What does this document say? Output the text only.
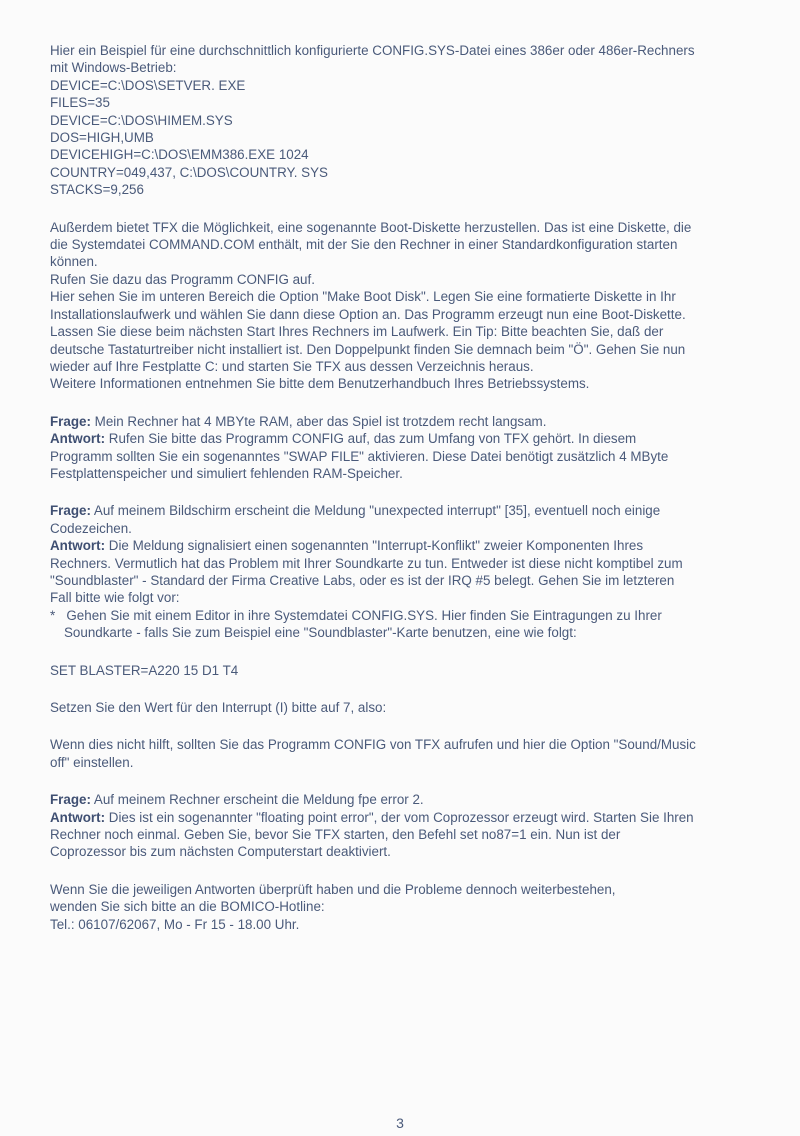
Hier ein Beispiel für eine durchschnittlich konfigurierte CONFIG.SYS-Datei eines 386er oder 486er-Rechners
mit Windows-Betrieb:
DEVICE=C:\DOS\SETVER. EXE
FILES=35
DEVICE=C:\DOS\HIMEM.SYS
DOS=HIGH,UMB
DEVICEHIGH=C:\DOS\EMM386.EXE 1024
COUNTRY=049,437, C:\DOS\COUNTRY. SYS
STACKS=9,256
Außerdem bietet TFX die Möglichkeit, eine sogenannte Boot-Diskette herzustellen. Das ist eine Diskette, die
die Systemdatei COMMAND.COM enthält, mit der Sie den Rechner in einer Standardkonfiguration starten
können.
Rufen Sie dazu das Programm CONFIG auf.
Hier sehen Sie im unteren Bereich die Option "Make Boot Disk". Legen Sie eine formatierte Diskette in Ihr
Installationslaufwerk und wählen Sie dann diese Option an. Das Programm erzeugt nun eine Boot-Diskette.
Lassen Sie diese beim nächsten Start Ihres Rechners im Laufwerk. Ein Tip: Bitte beachten Sie, daß der
deutsche Tastaturtreiber nicht installiert ist. Den Doppelpunkt finden Sie demnach beim "Ö". Gehen Sie nun
wieder auf Ihre Festplatte C: und starten Sie TFX aus dessen Verzeichnis heraus.
Weitere Informationen entnehmen Sie bitte dem Benutzerhandbuch Ihres Betriebssystems.
Frage: Mein Rechner hat 4 MBYte RAM, aber das Spiel ist trotzdem recht langsam.
Antwort: Rufen Sie bitte das Programm CONFIG auf, das zum Umfang von TFX gehört. In diesem
Programm sollten Sie ein sogenanntes "SWAP FILE" aktivieren. Diese Datei benötigt zusätzlich 4 MByte
Festplattenspeicher und simuliert fehlenden RAM-Speicher.
Frage: Auf meinem Bildschirm erscheint die Meldung "unexpected interrupt" [35], eventuell noch einige
Codezeichen.
Antwort: Die Meldung signalisiert einen sogenannten "Interrupt-Konflikt" zweier Komponenten Ihres
Rechners. Vermutlich hat das Problem mit Ihrer Soundkarte zu tun. Entweder ist diese nicht komptibel zum
"Soundblaster" - Standard der Firma Creative Labs, oder es ist der IRQ #5 belegt. Gehen Sie im letzteren
Fall bitte wie folgt vor:
* Gehen Sie mit einem Editor in ihre Systemdatei CONFIG.SYS. Hier finden Sie Eintragungen zu Ihrer
Soundkarte - falls Sie zum Beispiel eine "Soundblaster"-Karte benutzen, eine wie folgt:
SET BLASTER=A220 15 D1 T4
Setzen Sie den Wert für den Interrupt (I) bitte auf 7, also:
Wenn dies nicht hilft, sollten Sie das Programm CONFIG von TFX aufrufen und hier die Option "Sound/Music
off" einstellen.
Frage: Auf meinem Rechner erscheint die Meldung fpe error 2.
Antwort: Dies ist ein sogenannter "floating point error", der vom Coprozessor erzeugt wird. Starten Sie Ihren
Rechner noch einmal. Geben Sie, bevor Sie TFX starten, den Befehl set no87=1 ein. Nun ist der
Coprozessor bis zum nächsten Computerstart deaktiviert.
Wenn Sie die jeweiligen Antworten überprüft haben und die Probleme dennoch weiterbestehen,
wenden Sie sich bitte an die BOMICO-Hotline:
Tel.: 06107/62067, Mo - Fr 15 - 18.00 Uhr.
3
